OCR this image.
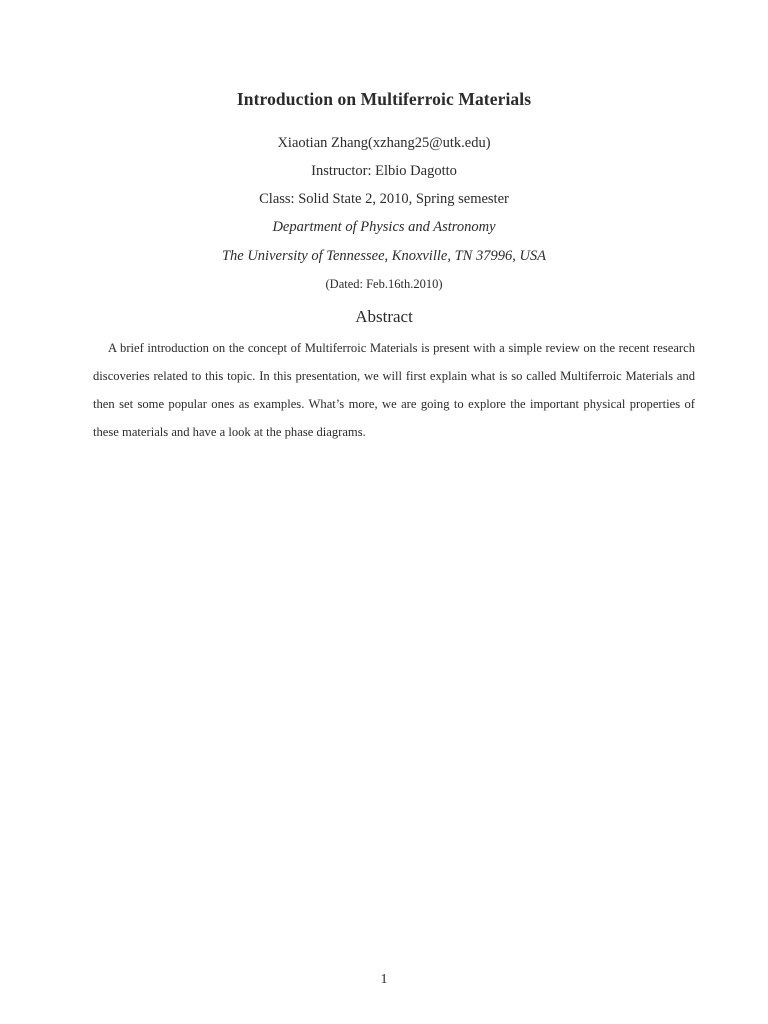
Introduction on Multiferroic Materials
Xiaotian Zhang(xzhang25@utk.edu)
Instructor: Elbio Dagotto
Class: Solid State 2, 2010, Spring semester
Department of Physics and Astronomy
The University of Tennessee, Knoxville, TN 37996, USA
(Dated: Feb.16th.2010)
Abstract

A brief introduction on the concept of Multiferroic Materials is present with a simple review on the recent research discoveries related to this topic. In this presentation, we will first explain what is so called Multiferroic Materials and then set some popular ones as examples. What’s more, we are going to explore the important physical properties of these materials and have a look at the phase diagrams.

1
